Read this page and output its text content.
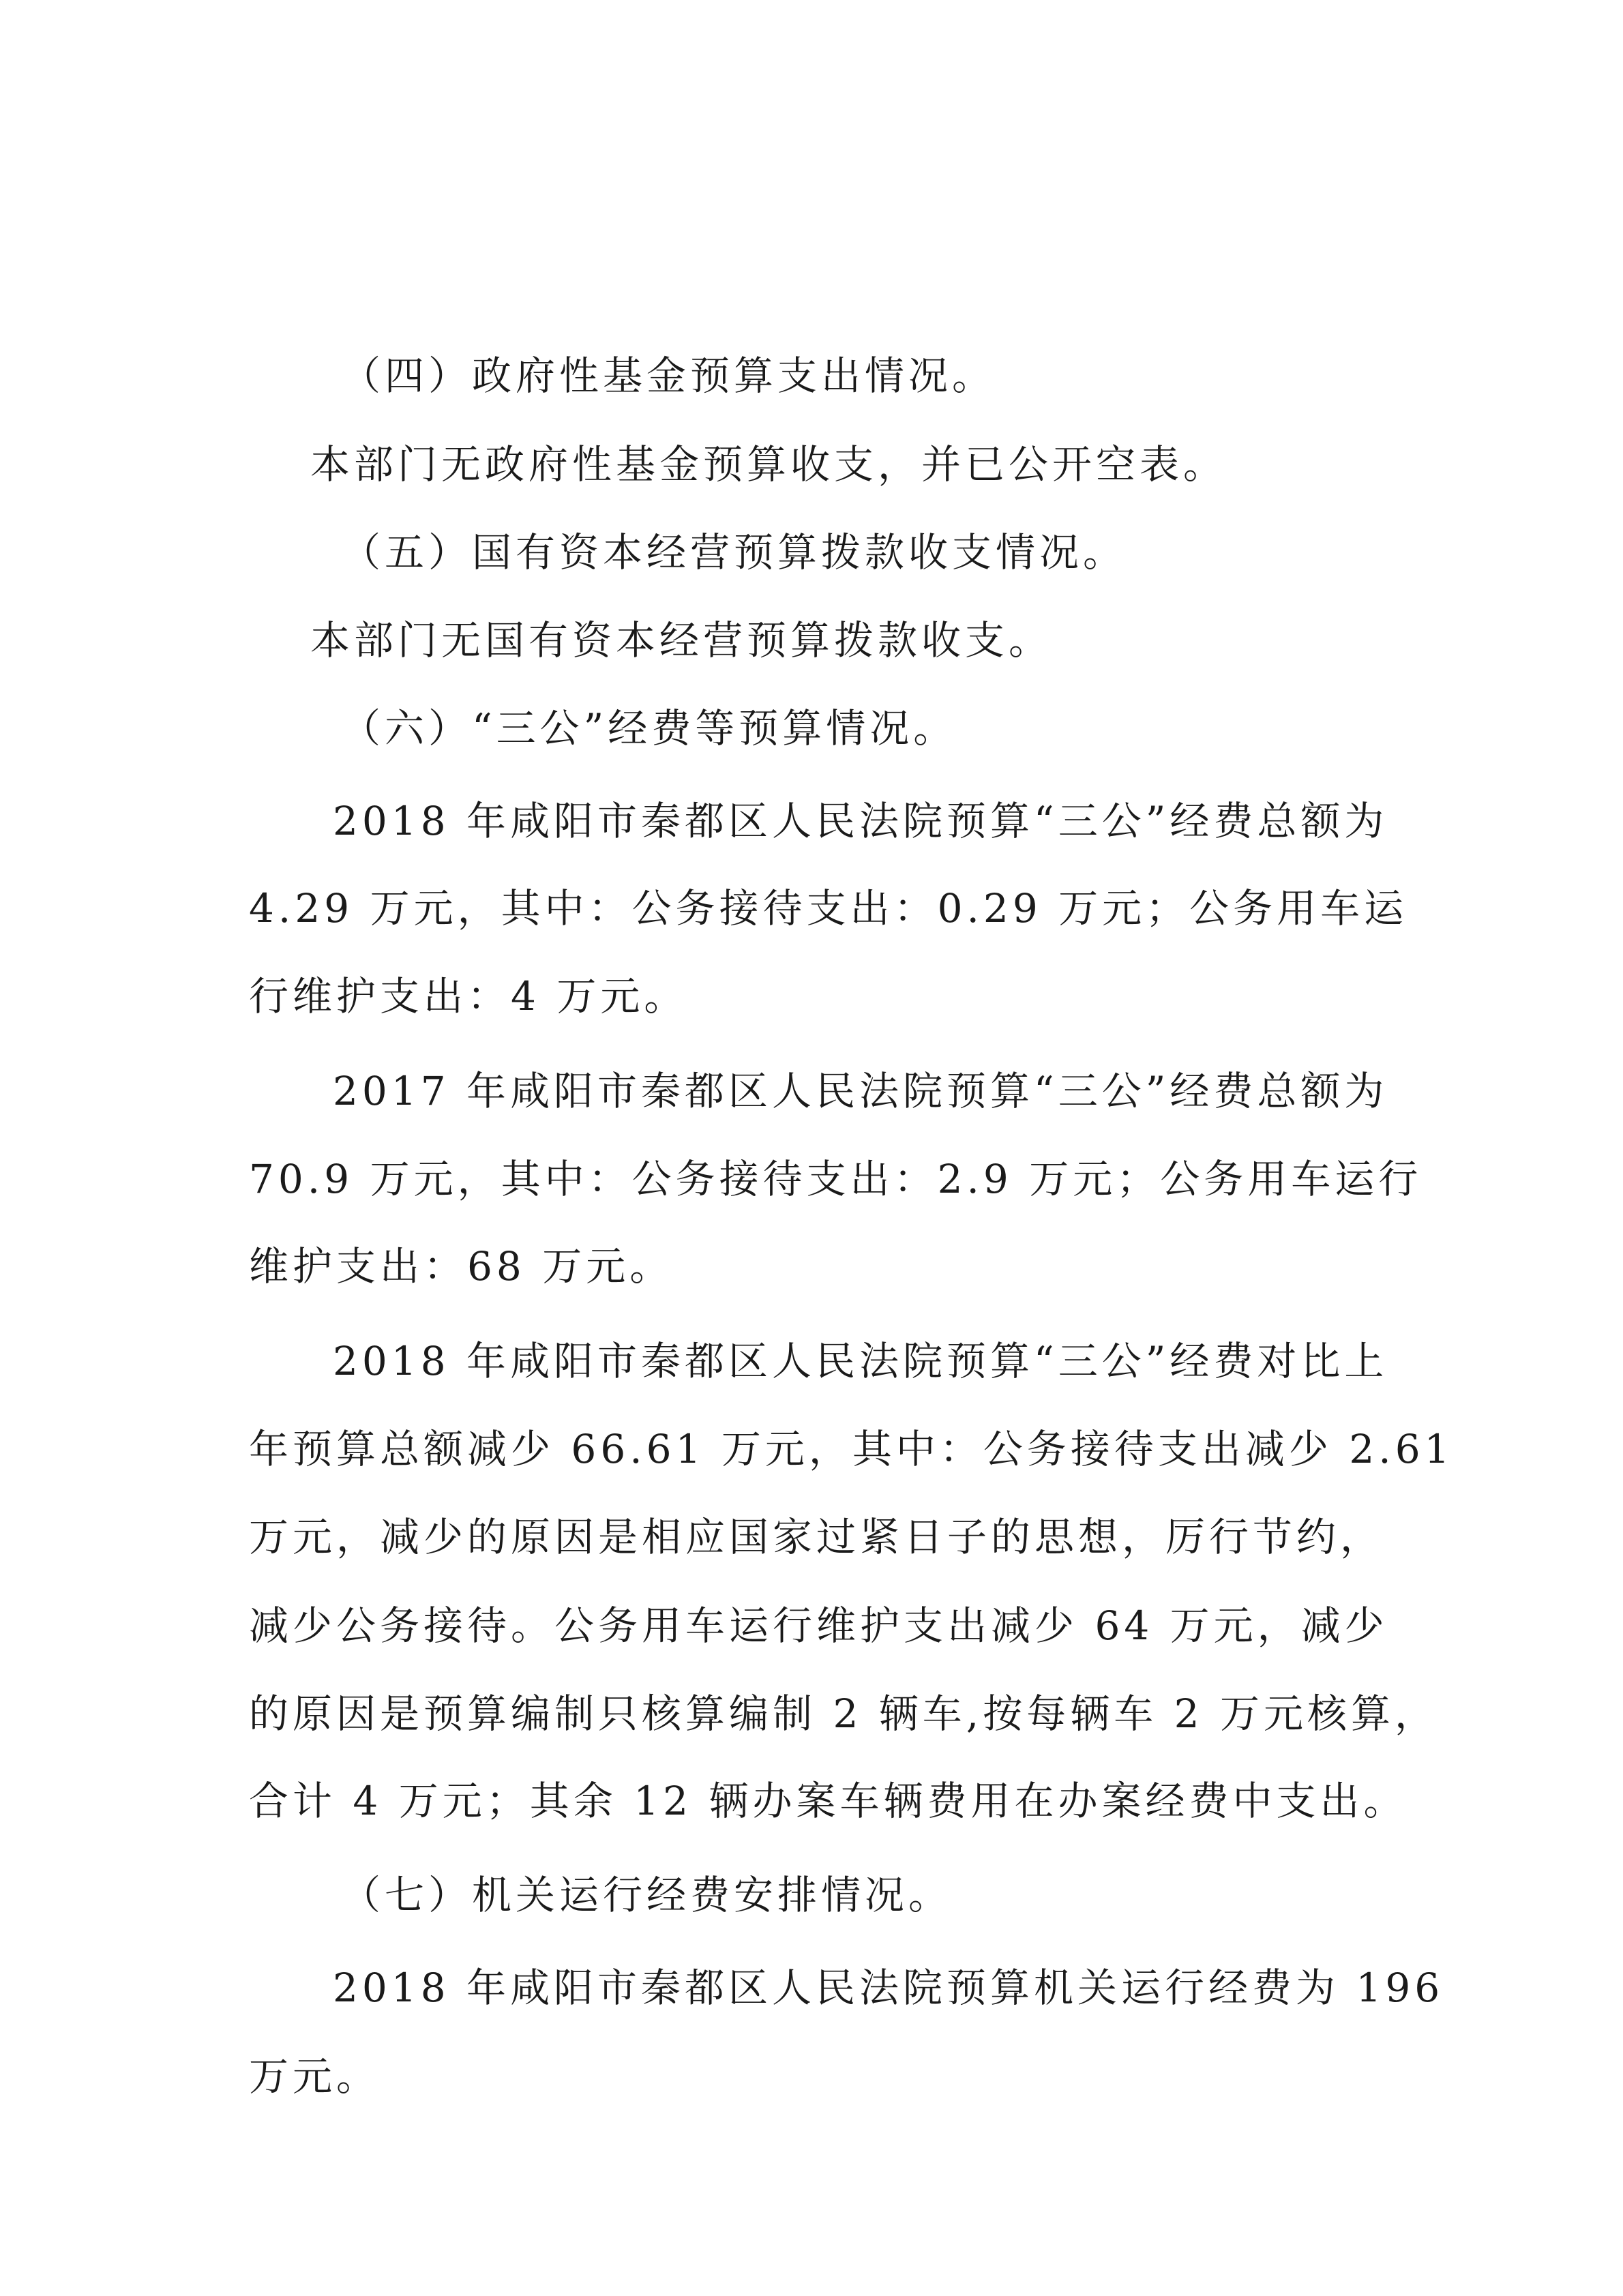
（四）政府性基金预算支出情况。

本部门无政府性基金预算收支，并已公开空表。

（五）国有资本经营预算拨款收支情况。

本部门无国有资本经营预算拨款收支。

（六）“三公”经费等预算情况。

2018 年咸阳市秦都区人民法院预算“三公”经费总额为

4.29 万元，其中：公务接待支出：0.29 万元；公务用车运

行维护支出：4 万元。

2017 年咸阳市秦都区人民法院预算“三公”经费总额为

70.9 万元，其中：公务接待支出：2.9 万元；公务用车运行

维护支出：68 万元。

2018 年咸阳市秦都区人民法院预算“三公”经费对比上

年预算总额减少 66.61 万元，其中：公务接待支出减少 2.61

万元，减少的原因是相应国家过紧日子的思想，厉行节约，

减少公务接待。公务用车运行维护支出减少 64 万元，减少

的原因是预算编制只核算编制 2 辆车,按每辆车 2 万元核算，

合计 4 万元；其余 12 辆办案车辆费用在办案经费中支出。

（七）机关运行经费安排情况。

2018 年咸阳市秦都区人民法院预算机关运行经费为 196

万元。
